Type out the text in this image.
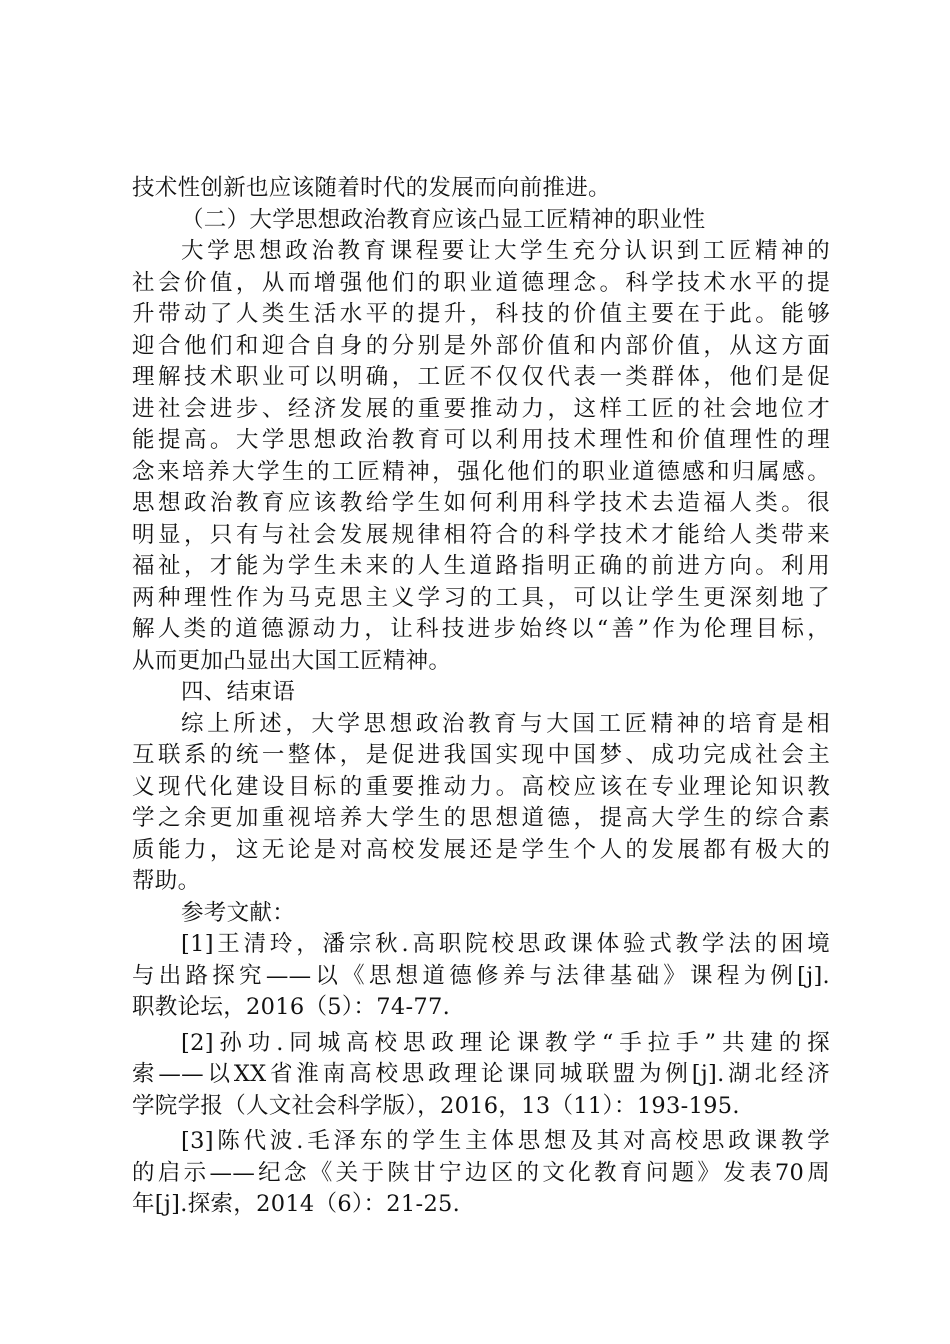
技术性创新也应该随着时代的发展而向前推进。
（二）大学思想政治教育应该凸显工匠精神的职业性
大学思想政治教育课程要让大学生充分认识到工匠精神的
社会价值，从而增强他们的职业道德理念。科学技术水平的提
升带动了人类生活水平的提升，科技的价值主要在于此。能够
迎合他们和迎合自身的分别是外部价值和内部价值，从这方面
理解技术职业可以明确，工匠不仅仅代表一类群体，他们是促
进社会进步、经济发展的重要推动力，这样工匠的社会地位才
能提高。大学思想政治教育可以利用技术理性和价值理性的理
念来培养大学生的工匠精神，强化他们的职业道德感和归属感。
思想政治教育应该教给学生如何利用科学技术去造福人类。很
明显，只有与社会发展规律相符合的科学技术才能给人类带来
福祉，才能为学生未来的人生道路指明正确的前进方向。利用
两种理性作为马克思主义学习的工具，可以让学生更深刻地了
解人类的道德源动力，让科技进步始终以“善”作为伦理目标，
从而更加凸显出大国工匠精神。
四、结束语
综上所述，大学思想政治教育与大国工匠精神的培育是相
互联系的统一整体，是促进我国实现中国梦、成功完成社会主
义现代化建设目标的重要推动力。高校应该在专业理论知识教
学之余更加重视培养大学生的思想道德，提高大学生的综合素
质能力，这无论是对高校发展还是学生个人的发展都有极大的
帮助。
参考文献：
[1]王清玲，潘宗秋.高职院校思政课体验式教学法的困境
与出路探究——以《思想道德修养与法律基础》课程为例[j].
职教论坛，2016（5）：74-77.
[2]孙功.同城高校思政理论课教学“手拉手”共建的探
索——以XX省淮南高校思政理论课同城联盟为例[j].湖北经济
学院学报（人文社会科学版），2016，13（11）：193-195.
[3]陈代波.毛泽东的学生主体思想及其对高校思政课教学
的启示——纪念《关于陕甘宁边区的文化教育问题》发表70周
年[j].探索，2014（6）：21-25.
